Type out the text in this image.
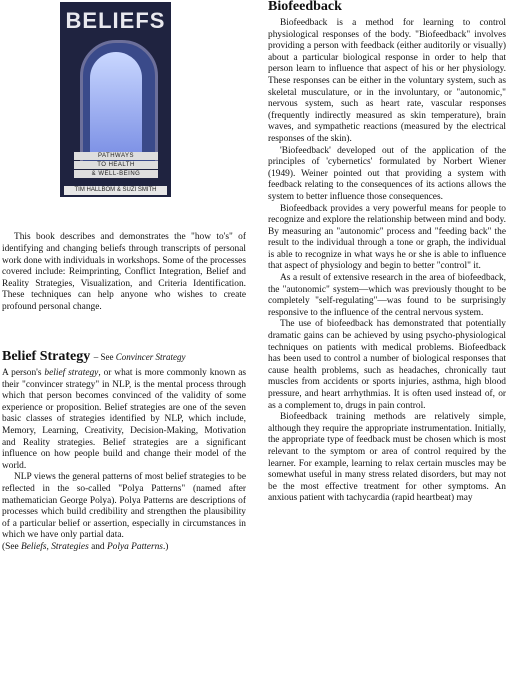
BELIEFS
PATHWAYS
TO HEALTH
& WELL-BEING
TIM HALLBOM & SUZI SMITH

This book describes and demonstrates the "how to's" of identifying and changing beliefs through transcripts of personal work done with individuals in workshops. Some of the processes covered include: Reimprinting, Conflict Integration, Belief and Reality Strategies, Visualization, and Criteria Identification. These techniques can help anyone who wishes to create profound personal change.

Belief Strategy – See Convincer Strategy

A person's belief strategy, or what is more commonly known as their "convincer strategy" in NLP, is the mental process through which that person becomes convinced of the validity of some experience or proposition. Belief strategies are one of the seven basic classes of strategies identified by NLP, which include, Memory, Learning, Creativity, Decision-Making, Motivation and Reality strategies. Belief strategies are a significant influence on how people build and change their model of the world.

NLP views the general patterns of most belief strategies to be reflected in the so-called "Polya Patterns" (named after mathematician George Polya). Polya Patterns are descriptions of processes which build credibility and strengthen the plausibility of a particular belief or assertion, especially in circumstances in which we have only partial data.

(See Beliefs, Strategies and Polya Patterns.)

Biofeedback

Biofeedback is a method for learning to control physiological responses of the body. "Biofeedback" involves providing a person with feedback (either auditorily or visually) about a particular biological response in order to help that person learn to influence that aspect of his or her physiology. These responses can be either in the voluntary system, such as skeletal musculature, or in the involuntary, or "autonomic," nervous system, such as heart rate, vascular responses (frequently indirectly measured as skin temperature), brain waves, and sympathetic reactions (measured by the electrical responses of the skin).

'Biofeedback' developed out of the application of the principles of 'cybernetics' formulated by Norbert Wiener (1949). Weiner pointed out that providing a system with feedback relating to the consequences of its actions allows the system to better influence those consequences.

Biofeedback provides a very powerful means for people to recognize and explore the relationship between mind and body. By measuring an "autonomic" process and "feeding back" the result to the individual through a tone or graph, the individual is able to recognize in what ways he or she is able to influence that aspect of physiology and begin to better "control" it.

As a result of extensive research in the area of biofeedback, the "autonomic" system—which was previously thought to be completely "self-regulating"—was found to be surprisingly responsive to the influence of the central nervous system.

The use of biofeedback has demonstrated that potentially dramatic gains can be achieved by using psycho-physiological techniques on patients with medical problems. Biofeedback has been used to control a number of biological responses that cause health problems, such as headaches, chronically taut muscles from accidents or sports injuries, asthma, high blood pressure, and heart arrhythmias. It is often used instead of, or as a complement to, drugs in pain control.

Biofeedback training methods are relatively simple, although they require the appropriate instrumentation. Initially, the appropriate type of feedback must be chosen which is most relevant to the symptom or area of control required by the learner. For example, learning to relax certain muscles may be somewhat useful in many stress related disorders, but may not be the most effective treatment for other symptoms. An anxious patient with tachycardia (rapid heartbeat) may
